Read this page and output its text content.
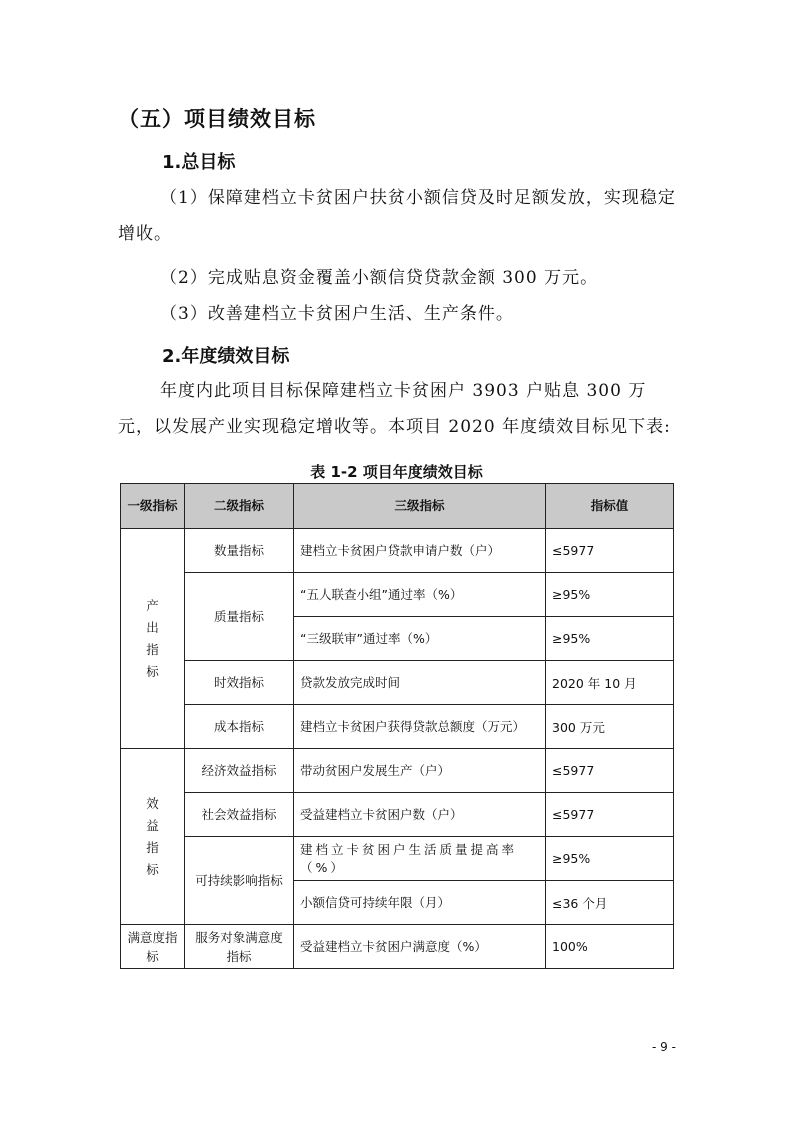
（五）项目绩效目标
1.总目标
（1）保障建档立卡贫困户扶贫小额信贷及时足额发放，实现稳定增收。
（2）完成贴息资金覆盖小额信贷贷款金额 300 万元。
（3）改善建档立卡贫困户生活、生产条件。
2.年度绩效目标
年度内此项目目标保障建档立卡贫困户 3903 户贴息 300 万元，以发展产业实现稳定增收等。本项目 2020 年度绩效目标见下表:
表 1-2 项目年度绩效目标
一级指标	二级指标	三级指标	指标值
产出指标	数量指标	建档立卡贫困户贷款申请户数（户）	≤5977
	质量指标	“五人联查小组”通过率（%）	≥95%
		“三级联审”通过率（%）	≥95%
	时效指标	贷款发放完成时间	2020 年 10 月
	成本指标	建档立卡贫困户获得贷款总额度（万元）	300 万元
效益指标	经济效益指标	带动贫困户发展生产（户）	≤5977
	社会效益指标	受益建档立卡贫困户数（户）	≤5977
	可持续影响指标	建档立卡贫困户生活质量提高率（%）	≥95%
		小额信贷可持续年限（月）	≤36 个月
满意度指标	服务对象满意度指标	受益建档立卡贫困户满意度（%）	100%
- 9 -
